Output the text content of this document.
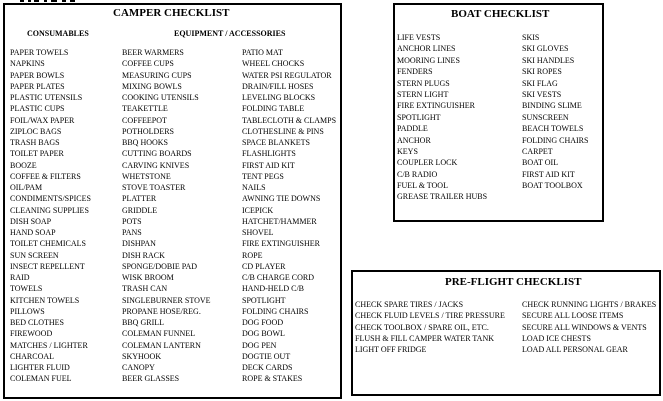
CAMPER CHECKLIST
CONSUMABLES	EQUIPMENT / ACCESSORIES
PAPER TOWELS
NAPKINS
PAPER BOWLS
PAPER PLATES
PLASTIC UTENSILS
PLASTIC CUPS
FOIL/WAX PAPER
ZIPLOC BAGS
TRASH BAGS
TOILET PAPER
BOOZE
COFFEE & FILTERS
OIL/PAM
CONDIMENTS/SPICES
CLEANING SUPPLIES
DISH SOAP
HAND SOAP
TOILET CHEMICALS
SUN SCREEN
INSECT REPELLENT
RAID
TOWELS
KITCHEN TOWELS
PILLOWS
BED CLOTHES
FIREWOOD
MATCHES / LIGHTER
CHARCOAL
LIGHTER FLUID
COLEMAN FUEL
BEER WARMERS
COFFEE CUPS
MEASURING CUPS
MIXING BOWLS
COOKING UTENSILS
TEAKETTLE
COFFEEPOT
POTHOLDERS
BBQ HOOKS
CUTTING BOARDS
CARVING KNIVES
WHETSTONE
STOVE TOASTER
PLATTER
GRIDDLE
POTS
PANS
DISHPAN
DISH RACK
SPONGE/DOBIE PAD
WISK BROOM
TRASH CAN
SINGLEBURNER STOVE
PROPANE HOSE/REG.
BBQ GRILL
COLEMAN FUNNEL
COLEMAN LANTERN
SKYHOOK
CANOPY
BEER GLASSES
PATIO MAT
WHEEL CHOCKS
WATER PSI REGULATOR
DRAIN/FILL HOSES
LEVELING BLOCKS
FOLDING TABLE
TABLECLOTH & CLAMPS
CLOTHESLINE & PINS
SPACE BLANKETS
FLASHLIGHTS
FIRST AID KIT
TENT PEGS
NAILS
AWNING TIE DOWNS
ICEPICK
HATCHET/HAMMER
SHOVEL
FIRE EXTINGUISHER
ROPE
CD PLAYER
C/B CHARGE CORD
HAND-HELD C/B
SPOTLIGHT
FOLDING CHAIRS
DOG FOOD
DOG BOWL
DOG PEN
DOGTIE OUT
DECK CARDS
ROPE & STAKES
BOAT CHECKLIST
LIFE VESTS
ANCHOR LINES
MOORING LINES
FENDERS
STERN PLUGS
STERN LIGHT
FIRE EXTINGUISHER
SPOTLIGHT
PADDLE
ANCHOR
KEYS
COUPLER LOCK
C/B RADIO
FUEL & TOOL
GREASE TRAILER HUBS
SKIS
SKI GLOVES
SKI HANDLES
SKI ROPES
SKI FLAG
SKI VESTS
BINDING SLIME
SUNSCREEN
BEACH TOWELS
FOLDING CHAIRS
CARPET
BOAT OIL
FIRST AID KIT
BOAT TOOLBOX
PRE-FLIGHT CHECKLIST
CHECK SPARE TIRES / JACKS
CHECK FLUID LEVELS / TIRE PRESSURE
CHECK TOOLBOX / SPARE OIL, ETC.
FLUSH & FILL CAMPER WATER TANK
LIGHT OFF FRIDGE
CHECK RUNNING LIGHTS / BRAKES
SECURE ALL LOOSE ITEMS
SECURE ALL WINDOWS & VENTS
LOAD ICE CHESTS
LOAD ALL PERSONAL GEAR
